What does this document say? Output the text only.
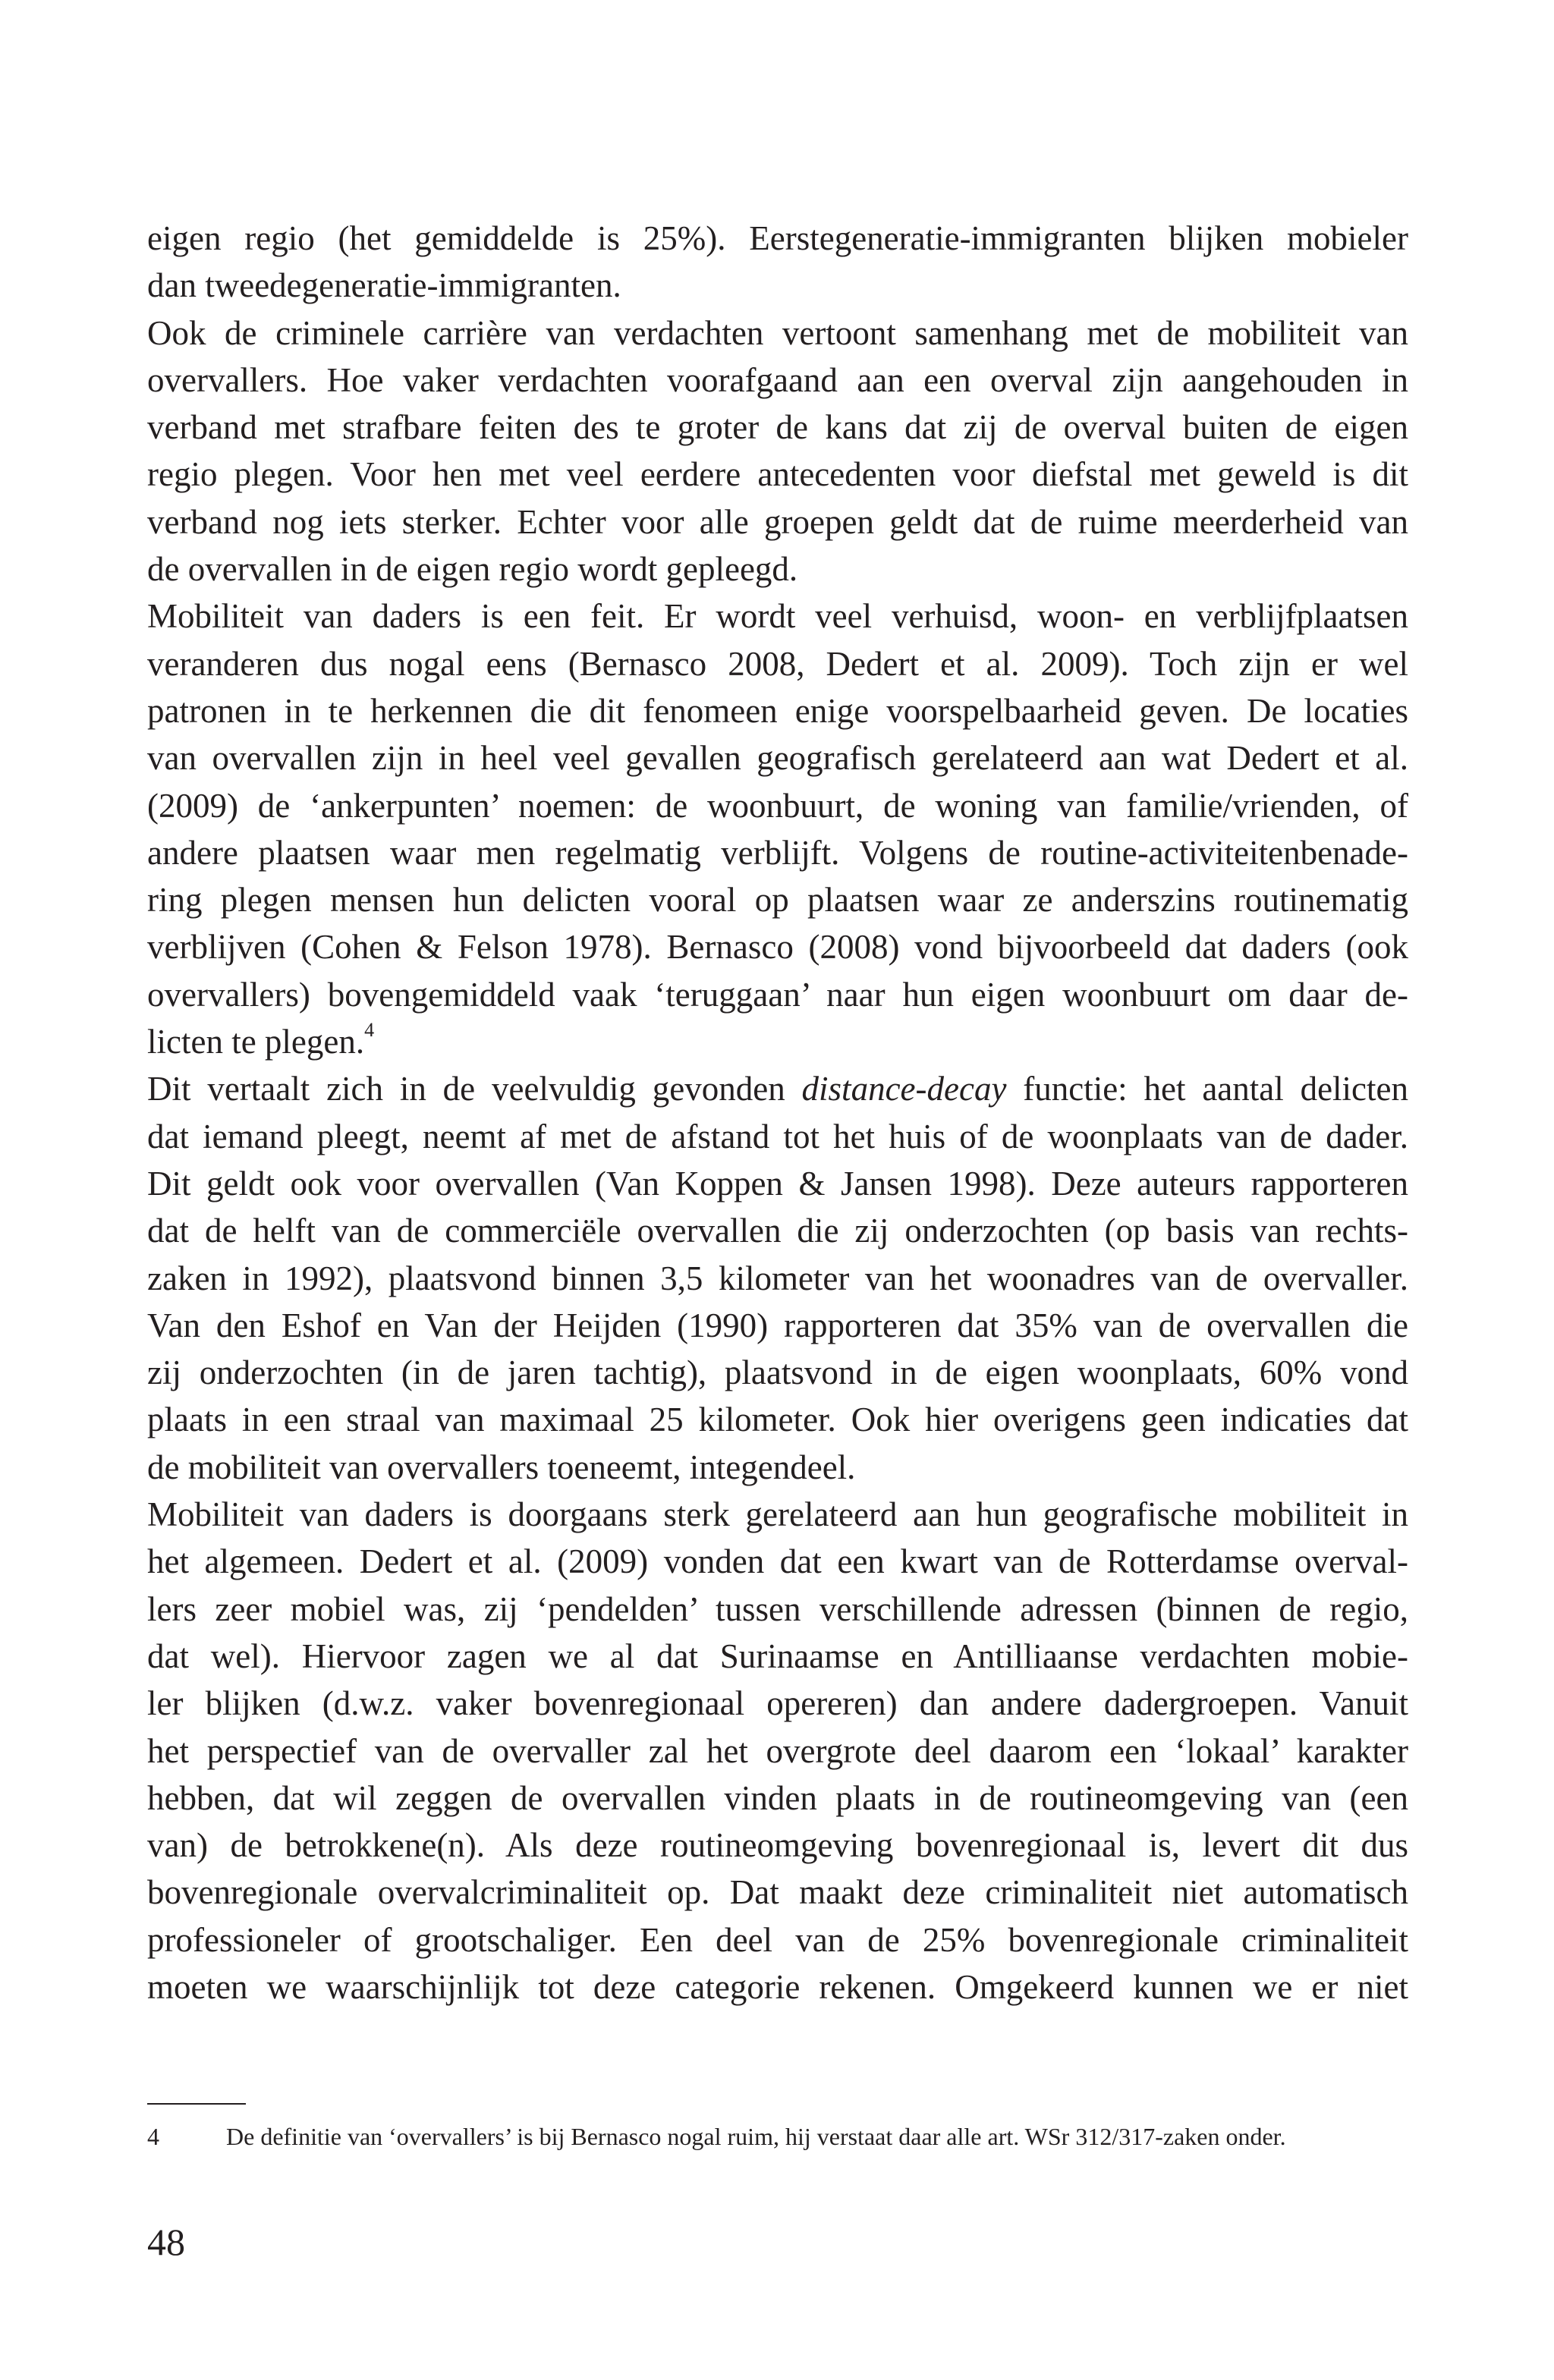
eigen regio (het gemiddelde is 25%). Eerstegeneratie-immigranten blijken mobieler
dan tweedegeneratie-immigranten.
Ook de criminele carrière van verdachten vertoont samenhang met de mobiliteit van
overvallers. Hoe vaker verdachten voorafgaand aan een overval zijn aangehouden in
verband met strafbare feiten des te groter de kans dat zij de overval buiten de eigen
regio plegen. Voor hen met veel eerdere antecedenten voor diefstal met geweld is dit
verband nog iets sterker. Echter voor alle groepen geldt dat de ruime meerderheid van
de overvallen in de eigen regio wordt gepleegd.
Mobiliteit van daders is een feit. Er wordt veel verhuisd, woon- en verblijfplaatsen
veranderen dus nogal eens (Bernasco 2008, Dedert et al. 2009). Toch zijn er wel
patronen in te herkennen die dit fenomeen enige voorspelbaarheid geven. De locaties
van overvallen zijn in heel veel gevallen geografisch gerelateerd aan wat Dedert et al.
(2009) de ‘ankerpunten’ noemen: de woonbuurt, de woning van familie/vrienden, of
andere plaatsen waar men regelmatig verblijft. Volgens de routine-activiteitenbenade-
ring plegen mensen hun delicten vooral op plaatsen waar ze anderszins routinematig
verblijven (Cohen & Felson 1978). Bernasco (2008) vond bijvoorbeeld dat daders (ook
overvallers) bovengemiddeld vaak ‘teruggaan’ naar hun eigen woonbuurt om daar de-
licten te plegen.$^4$
Dit vertaalt zich in de veelvuldig gevonden distance-decay functie: het aantal delicten
dat iemand pleegt, neemt af met de afstand tot het huis of de woonplaats van de dader.
Dit geldt ook voor overvallen (Van Koppen & Jansen 1998). Deze auteurs rapporteren
dat de helft van de commerciële overvallen die zij onderzochten (op basis van rechts-
zaken in 1992), plaatsvond binnen 3,5 kilometer van het woonadres van de overvaller.
Van den Eshof en Van der Heijden (1990) rapporteren dat 35% van de overvallen die
zij onderzochten (in de jaren tachtig), plaatsvond in de eigen woonplaats, 60% vond
plaats in een straal van maximaal 25 kilometer. Ook hier overigens geen indicaties dat
de mobiliteit van overvallers toeneemt, integendeel.
Mobiliteit van daders is doorgaans sterk gerelateerd aan hun geografische mobiliteit in
het algemeen. Dedert et al. (2009) vonden dat een kwart van de Rotterdamse overval-
lers zeer mobiel was, zij ‘pendelden’ tussen verschillende adressen (binnen de regio,
dat wel). Hiervoor zagen we al dat Surinaamse en Antilliaanse verdachten mobie-
ler blijken (d.w.z. vaker bovenregionaal opereren) dan andere dadergroepen. Vanuit
het perspectief van de overvaller zal het overgrote deel daarom een ‘lokaal’ karakter
hebben, dat wil zeggen de overvallen vinden plaats in de routineomgeving van (een
van) de betrokkene(n). Als deze routineomgeving bovenregionaal is, levert dit dus
bovenregionale overvalcriminaliteit op. Dat maakt deze criminaliteit niet automatisch
professioneler of grootschaliger. Een deel van de 25% bovenregionale criminaliteit
moeten we waarschijnlijk tot deze categorie rekenen. Omgekeerd kunnen we er niet
4	De definitie van ‘overvallers’ is bij Bernasco nogal ruim, hij verstaat daar alle art. WSr 312/317-zaken onder.
48
